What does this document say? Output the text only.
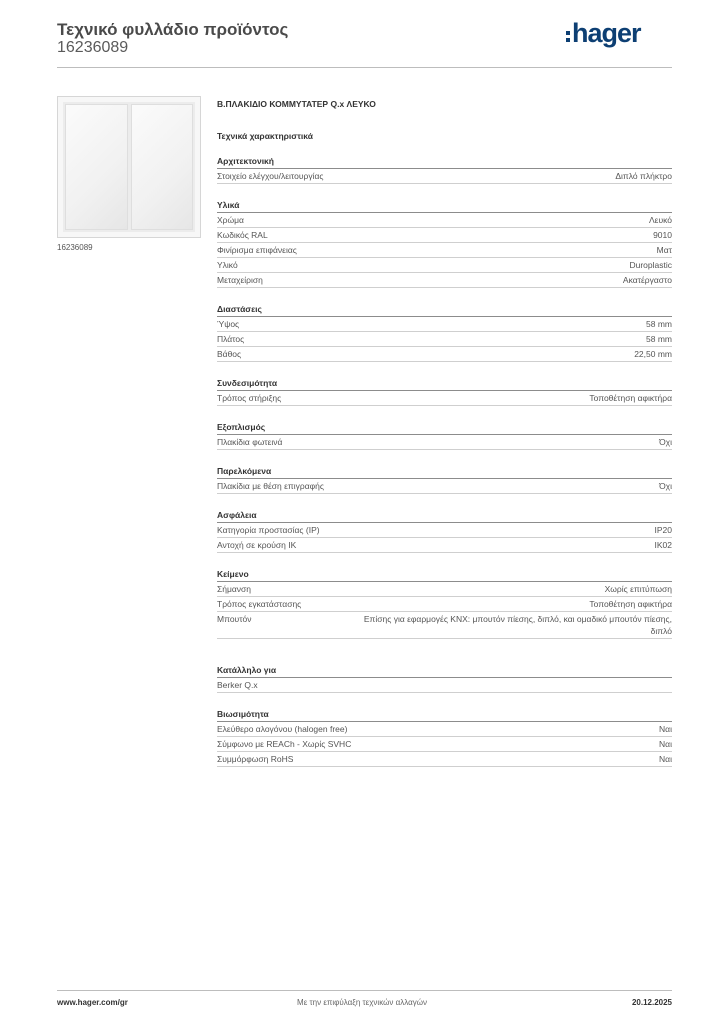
Τεχνικό φυλλάδιο προϊόντος
16236089	hager
16236089
Β.ΠΛΑΚΙΔΙΟ ΚΟΜΜΥΤΑΤΕΡ Q.x ΛΕΥΚΟ
Τεχνικά χαρακτηριστικά
Αρχιτεκτονική
Στοιχείο ελέγχου/λειτουργίας	Διπλό πλήκτρο
Υλικά
Χρώμα	Λευκό
Κωδικός RAL	9010
Φινίρισμα επιφάνειας	Ματ
Υλικό	Duroplastic
Μεταχείριση	Ακατέργαστο
Διαστάσεις
Ύψος	58 mm
Πλάτος	58 mm
Βάθος	22,50 mm
Συνδεσιμότητα
Τρόπος στήριξης	Τοποθέτηση αφικτήρα
Εξοπλισμός
Πλακίδια φωτεινά	Όχι
Παρελκόμενα
Πλακίδια με θέση επιγραφής	Όχι
Ασφάλεια
Κατηγορία προστασίας (IP)	IP20
Αντοχή σε κρούση IK	IK02
Κείμενο
Σήμανση	Χωρίς επιτύπωση
Τρόπος εγκατάστασης	Τοποθέτηση αφικτήρα
Μπουτόν	Επίσης για εφαρμογές KNX: μπουτόν πίεσης, διπλό, και ομαδικό μπουτόν πίεσης, διπλό
Κατάλληλο για
Berker Q.x
Βιωσιμότητα
Ελεύθερο αλογόνου (halogen free)	Ναι
Σύμφωνο με REACh - Χωρίς SVHC	Ναι
Συμμόρφωση RoHS	Ναι
www.hager.com/gr	Με την επιφύλαξη τεχνικών αλλαγών	20.12.2025
